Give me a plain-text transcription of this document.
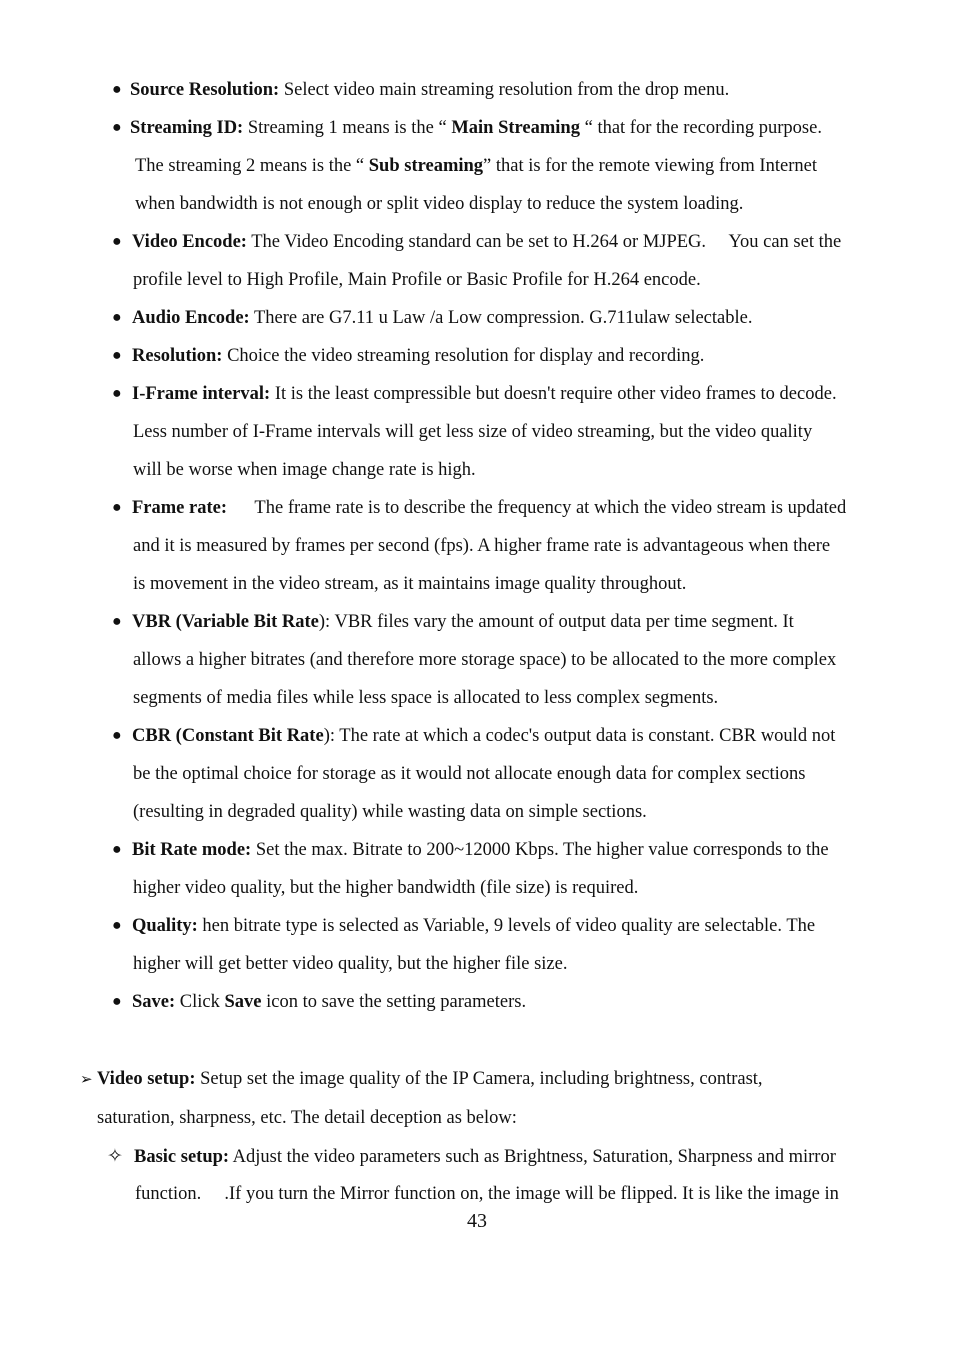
● Source Resolution: Select video main streaming resolution from the drop menu.
● Streaming ID: Streaming 1 means is the “ Main Streaming “ that for the recording purpose.
The streaming 2 means is the “ Sub streaming” that is for the remote viewing from Internet
when bandwidth is not enough or split video display to reduce the system loading.
● Video Encode: The Video Encoding standard can be set to H.264 or MJPEG.  You can set the
profile level to High Profile, Main Profile or Basic Profile for H.264 encode.
● Audio Encode: There are G7.11 u Law /a Low compression. G.711ulaw selectable.
● Resolution: Choice the video streaming resolution for display and recording.
● I-Frame interval: It is the least compressible but doesn't require other video frames to decode.
Less number of I-Frame intervals will get less size of video streaming, but the video quality
will be worse when image change rate is high.
● Frame rate:   The frame rate is to describe the frequency at which the video stream is updated
and it is measured by frames per second (fps). A higher frame rate is advantageous when there
is movement in the video stream, as it maintains image quality throughout.
● VBR (Variable Bit Rate): VBR files vary the amount of output data per time segment. It
allows a higher bitrates (and therefore more storage space) to be allocated to the more complex
segments of media files while less space is allocated to less complex segments.
● CBR (Constant Bit Rate): The rate at which a codec's output data is constant. CBR would not
be the optimal choice for storage as it would not allocate enough data for complex sections
(resulting in degraded quality) while wasting data on simple sections.
● Bit Rate mode: Set the max. Bitrate to 200~12000 Kbps. The higher value corresponds to the
higher video quality, but the higher bandwidth (file size) is required.
● Quality: hen bitrate type is selected as Variable, 9 levels of video quality are selectable. The
higher will get better video quality, but the higher file size.
● Save: Click Save icon to save the setting parameters.
➢ Video setup: Setup set the image quality of the IP Camera, including brightness, contrast,
saturation, sharpness, etc. The detail deception as below:
✧ Basic setup: Adjust the video parameters such as Brightness, Saturation, Sharpness and mirror
function.  .If you turn the Mirror function on, the image will be flipped. It is like the image in
43
